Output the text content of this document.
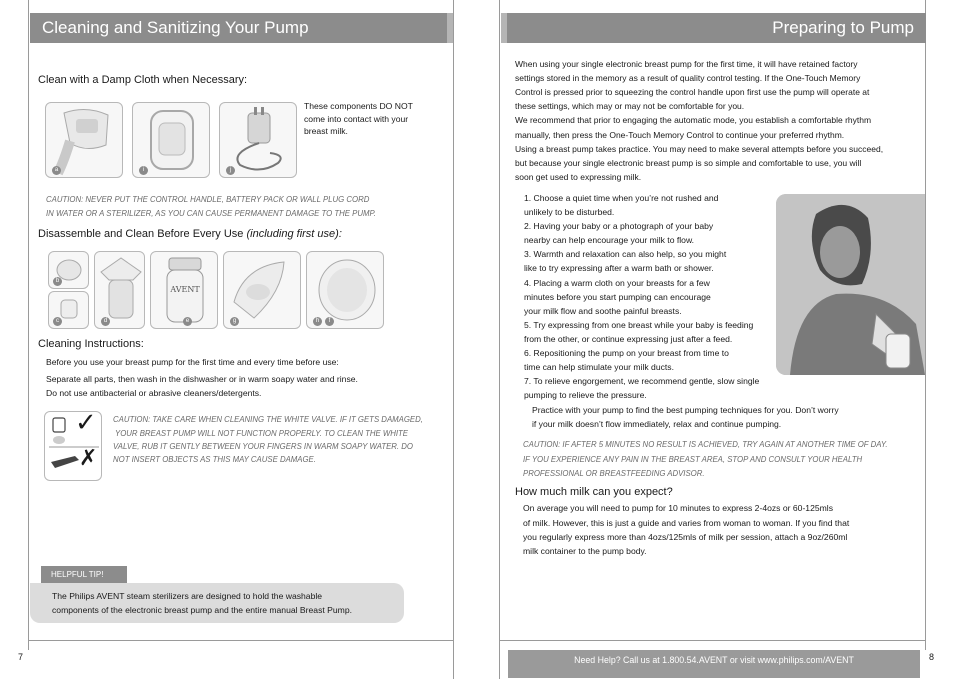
Cleaning and Sanitizing Your Pump
Clean with a Damp Cloth when Necessary:
a	i	j
These components DO NOT come into contact with your breast milk.
CAUTION: NEVER PUT THE CONTROL HANDLE, BATTERY PACK OR WALL PLUG CORD
IN WATER OR A STERILIZER, AS YOU CAN CAUSE PERMANENT DAMAGE TO THE PUMP.
Disassemble and Clean Before Every Use (including first use):
b
c	d
AVENT
e	g	h	f
Cleaning Instructions:
Before you use your breast pump for the first time and every time before use:
Separate all parts, then wash in the dishwasher or in warm soapy water and rinse.
Do not use antibacterial or abrasive cleaners/detergents.
✓
✗
CAUTION: TAKE CARE WHEN CLEANING THE WHITE VALVE. IF IT GETS DAMAGED,
YOUR BREAST PUMP WILL NOT FUNCTION PROPERLY. TO CLEAN THE WHITE
VALVE, RUB IT GENTLY BETWEEN YOUR FINGERS IN WARM SOAPY WATER. DO
NOT INSERT OBJECTS AS THIS MAY CAUSE DAMAGE.
HELPFUL TIP!
The Philips AVENT steam sterilizers are designed to hold the washable
components of the electronic breast pump and the entire manual Breast Pump.
7
Preparing to Pump
When using your single electronic breast pump for the first time, it will have retained factory
settings stored in the memory as a result of quality control testing. If the One-Touch Memory
Control is pressed prior to squeezing the control handle upon first use the pump will operate at
these settings, which may or may not be comfortable for you.
We recommend that prior to engaging the automatic mode, you establish a comfortable rhythm
manually, then press the One-Touch Memory Control to continue your preferred rhythm.
Using a breast pump takes practice. You may need to make several attempts before you succeed,
but because your single electronic breast pump is so simple and comfortable to use, you will
soon get used to expressing milk.
1. Choose a quiet time when you’re not rushed and
unlikely to be disturbed.
2. Having your baby or a photograph of your baby
nearby can help encourage your milk to flow.
3. Warmth and relaxation can also help, so you might
like to try expressing after a warm bath or shower.
4. Placing a warm cloth on your breasts for a few
minutes before you start pumping can encourage
your milk flow and soothe painful breasts.
5. Try expressing from one breast while your baby is feeding
from the other, or continue expressing just after a feed.
6. Repositioning the pump on your breast from time to
time can help stimulate your milk ducts.
7. To relieve engorgement, we recommend gentle, slow single
pumping to relieve the pressure.
Practice with your pump to find the best pumping techniques for you. Don’t worry
if your milk doesn’t flow immediately, relax and continue pumping.
CAUTION: IF AFTER 5 MINUTES NO RESULT IS ACHIEVED, TRY AGAIN AT ANOTHER TIME OF DAY.
IF YOU EXPERIENCE ANY PAIN IN THE BREAST AREA, STOP AND CONSULT YOUR HEALTH
PROFESSIONAL OR BREASTFEEDING ADVISOR.
How much milk can you expect?
On average you will need to pump for 10 minutes to express 2-4ozs or 60-125mls
of milk. However, this is just a guide and varies from woman to woman. If you find that
you regularly express more than 4ozs/125mls of milk per session, attach a 9oz/260ml
milk container to the pump body.
Need Help? Call us at 1.800.54.AVENT or visit www.philips.com/AVENT	8
